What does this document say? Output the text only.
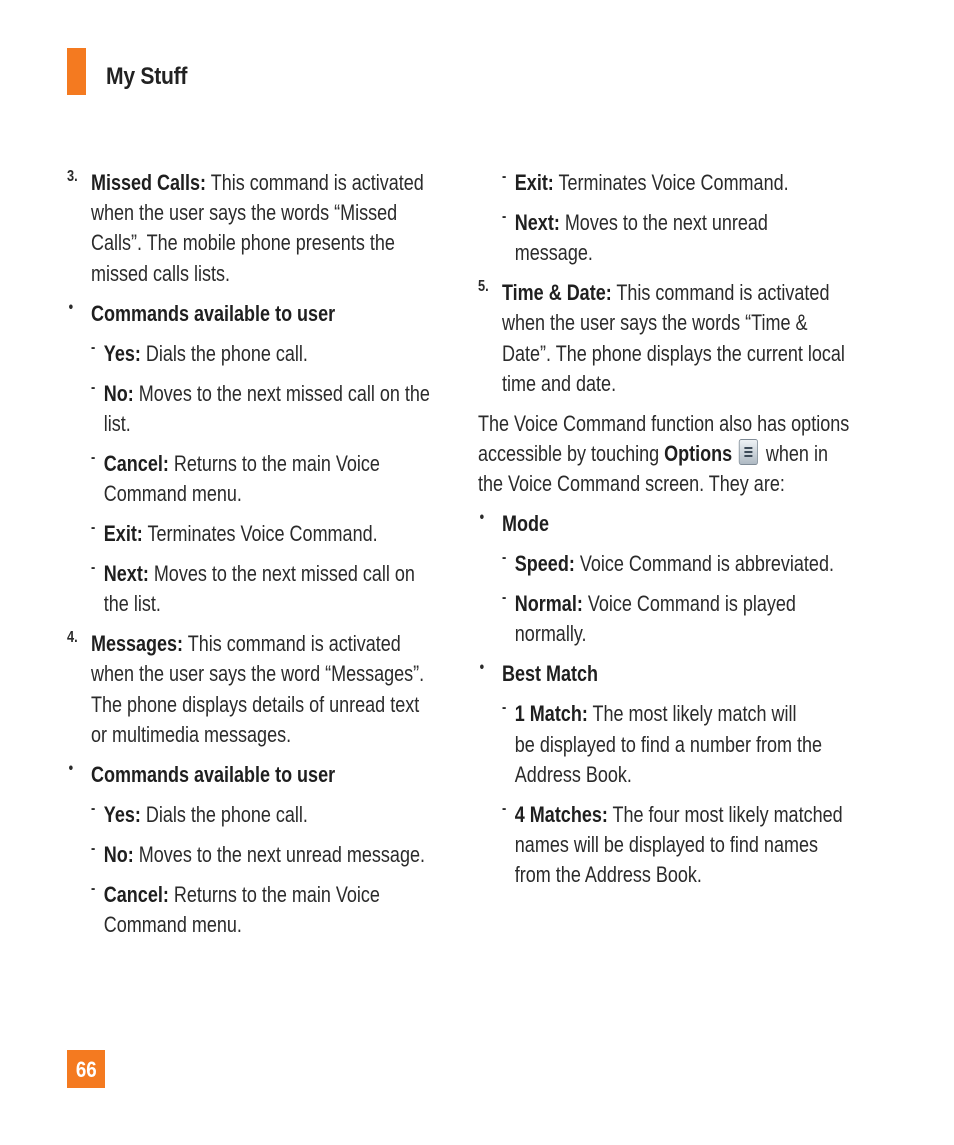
My Stuff
3. Missed Calls: This command is activated
when the user says the words “Missed
Calls”. The mobile phone presents the
missed calls lists.
• Commands available to user
- Yes: Dials the phone call.
- No: Moves to the next missed call on the
list.
- Cancel: Returns to the main Voice
Command menu.
- Exit: Terminates Voice Command.
- Next: Moves to the next missed call on
the list.
4. Messages: This command is activated
when the user says the word “Messages”.
The phone displays details of unread text
or multimedia messages.
• Commands available to user
- Yes: Dials the phone call.
- No: Moves to the next unread message.
- Cancel: Returns to the main Voice
Command menu.
- Exit: Terminates Voice Command.
- Next: Moves to the next unread
message.
5. Time & Date: This command is activated
when the user says the words “Time &
Date”. The phone displays the current local
time and date.
The Voice Command function also has options
accessible by touching Options
when in
the Voice Command screen. They are:
• Mode
- Speed: Voice Command is abbreviated.
- Normal: Voice Command is played
normally.
• Best Match
- 1 Match: The most likely match will
be displayed to find a number from the
Address Book.
- 4 Matches: The four most likely matched
names will be displayed to find names
from the Address Book.
66
